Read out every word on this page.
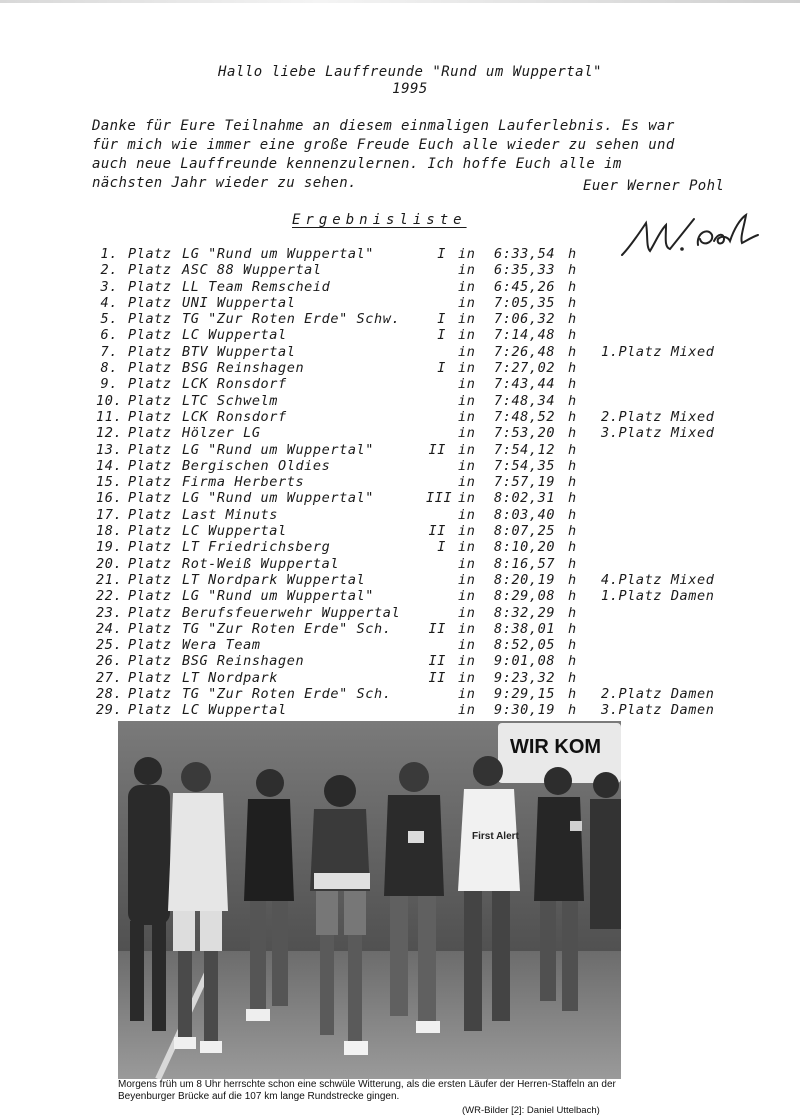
Hallo liebe Lauffreunde "Rund um Wuppertal"
1995
Danke für Eure Teilnahme an diesem einmaligen Lauferlebnis. Es war
für mich wie immer eine große Freude Euch alle wieder zu sehen und
auch neue Lauffreunde kennenzulernen. Ich hoffe Euch alle im
nächsten Jahr wieder zu sehen.	Euer Werner Pohl
Ergebnisliste
1. Platz LG "Rund um Wuppertal"	I in 6:33,54 h
2. Platz ASC 88 Wuppertal	in 6:35,33 h
3. Platz LL Team Remscheid	in 6:45,26 h
4. Platz UNI Wuppertal	in 7:05,35 h
5. Platz TG "Zur Roten Erde" Schw.	I in 7:06,32 h
6. Platz LC Wuppertal	I in 7:14,48 h
7. Platz BTV Wuppertal	in 7:26,48 h 1.Platz Mixed
8. Platz BSG Reinshagen	I in 7:27,02 h
9. Platz LCK Ronsdorf	in 7:43,44 h
10. Platz LTC Schwelm	in 7:48,34 h
11. Platz LCK Ronsdorf	in 7:48,52 h 2.Platz Mixed
12. Platz Hölzer LG	in 7:53,20 h 3.Platz Mixed
13. Platz LG "Rund um Wuppertal"	II in 7:54,12 h
14. Platz Bergischen Oldies	in 7:54,35 h
15. Platz Firma Herberts	in 7:57,19 h
16. Platz LG "Rund um Wuppertal"	III in 8:02,31 h
17. Platz Last Minuts	in 8:03,40 h
18. Platz LC Wuppertal	II in 8:07,25 h
19. Platz LT Friedrichsberg	I in 8:10,20 h
20. Platz Rot-Weiß Wuppertal	in 8:16,57 h
21. Platz LT Nordpark Wuppertal	in 8:20,19 h 4.Platz Mixed
22. Platz LG "Rund um Wuppertal"	in 8:29,08 h 1.Platz Damen
23. Platz Berufsfeuerwehr Wuppertal	in 8:32,29 h
24. Platz TG "Zur Roten Erde" Sch.	II in 8:38,01 h
25. Platz Wera Team	in 8:52,05 h
26. Platz BSG Reinshagen	II in 9:01,08 h
27. Platz LT Nordpark	II in 9:23,32 h
28. Platz TG "Zur Roten Erde" Sch.	in 9:29,15 h 2.Platz Damen
29. Platz LC Wuppertal	in 9:30,19 h 3.Platz Damen
WIR KOM
First Alert
Morgens früh um 8 Uhr herrschte schon eine schwüle Witterung, als die ersten Läufer der Herren-Staffeln an der Beyenburger Brücke auf die 107 km lange Rundstrecke gingen.
(WR-Bilder [2]: Daniel Uttelbach)
